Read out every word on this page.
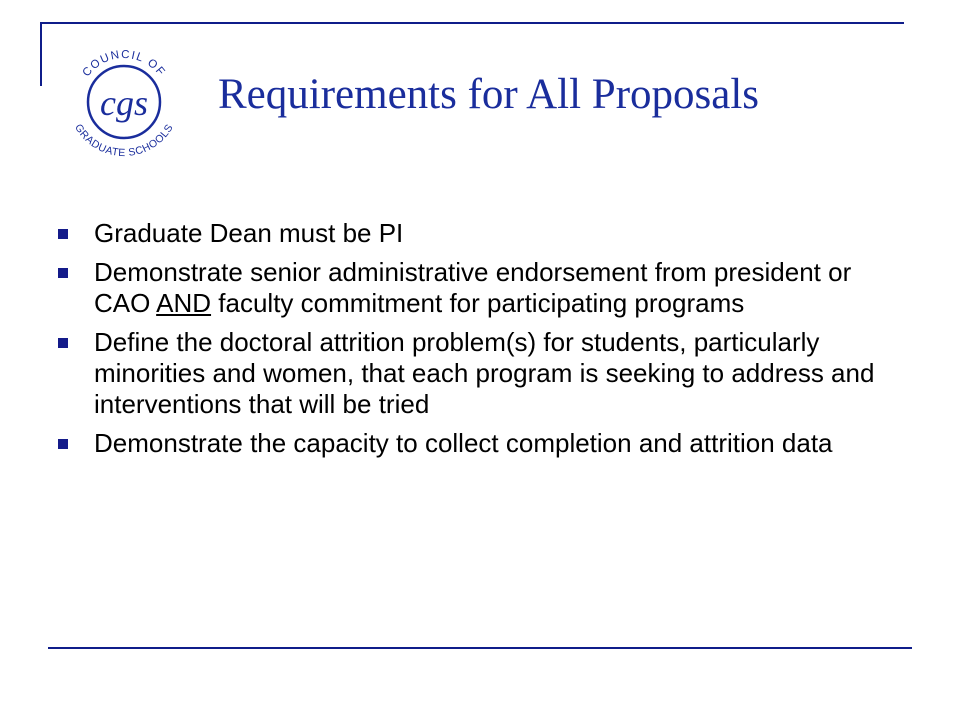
COUNCIL OF
GRADUATE SCHOOLS
cgs Requirements for All Proposals
Graduate Dean must be PI
Demonstrate senior administrative endorsement from president or CAO AND faculty commitment for participating programs
Define the doctoral attrition problem(s) for students, particularly minorities and women, that each program is seeking to address and interventions that will be tried
Demonstrate the capacity to collect completion and attrition data
